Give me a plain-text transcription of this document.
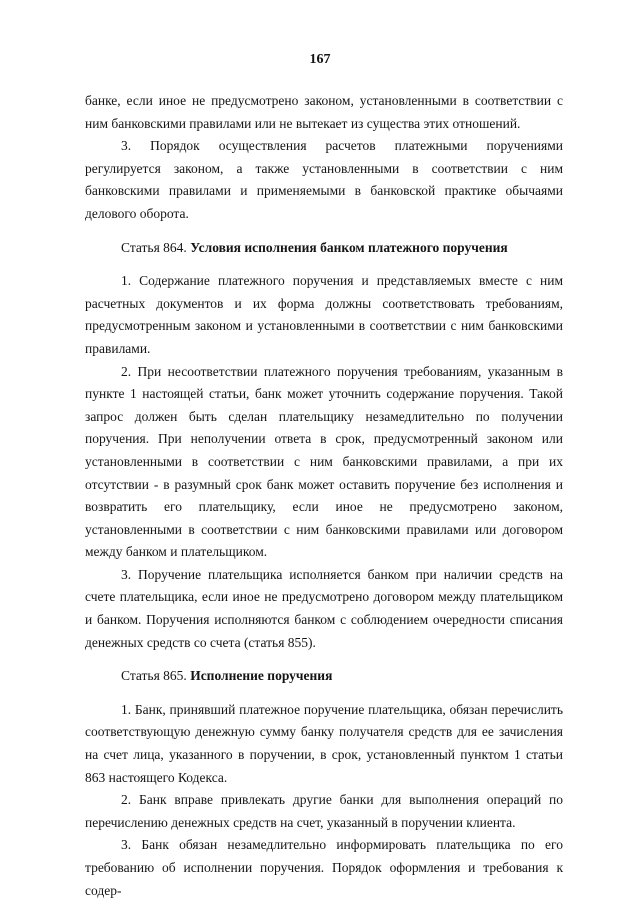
167

банке, если иное не предусмотрено законом, установленными в соответствии с ним банковскими правилами или не вытекает из существа этих отношений.

3. Порядок осуществления расчетов платежными поручениями регулируется законом, а также установленными в соответствии с ним банковскими правилами и применяемыми в банковской практике обычаями делового оборота.

Статья 864. Условия исполнения банком платежного поручения

1. Содержание платежного поручения и представляемых вместе с ним расчетных документов и их форма должны соответствовать требованиям, предусмотренным законом и установленными в соответствии с ним банковскими правилами.

2. При несоответствии платежного поручения требованиям, указанным в пункте 1 настоящей статьи, банк может уточнить содержание поручения. Такой запрос должен быть сделан плательщику незамедлительно по получении поручения. При неполучении ответа в срок, предусмотренный законом или установленными в соответствии с ним банковскими правилами, а при их отсутствии - в разумный срок банк может оставить поручение без исполнения и возвратить его плательщику, если иное не предусмотрено законом, установленными в соответствии с ним банковскими правилами или договором между банком и плательщиком.

3. Поручение плательщика исполняется банком при наличии средств на счете плательщика, если иное не предусмотрено договором между плательщиком и банком. Поручения исполняются банком с соблюдением очередности списания денежных средств со счета (статья 855).

Статья 865. Исполнение поручения

1. Банк, принявший платежное поручение плательщика, обязан перечислить соответствующую денежную сумму банку получателя средств для ее зачисления на счет лица, указанного в поручении, в срок, установленный пунктом 1 статьи 863 настоящего Кодекса.

2. Банк вправе привлекать другие банки для выполнения операций по перечислению денежных средств на счет, указанный в поручении клиента.

3. Банк обязан незамедлительно информировать плательщика по его требованию об исполнении поручения. Порядок оформления и требования к содер-
